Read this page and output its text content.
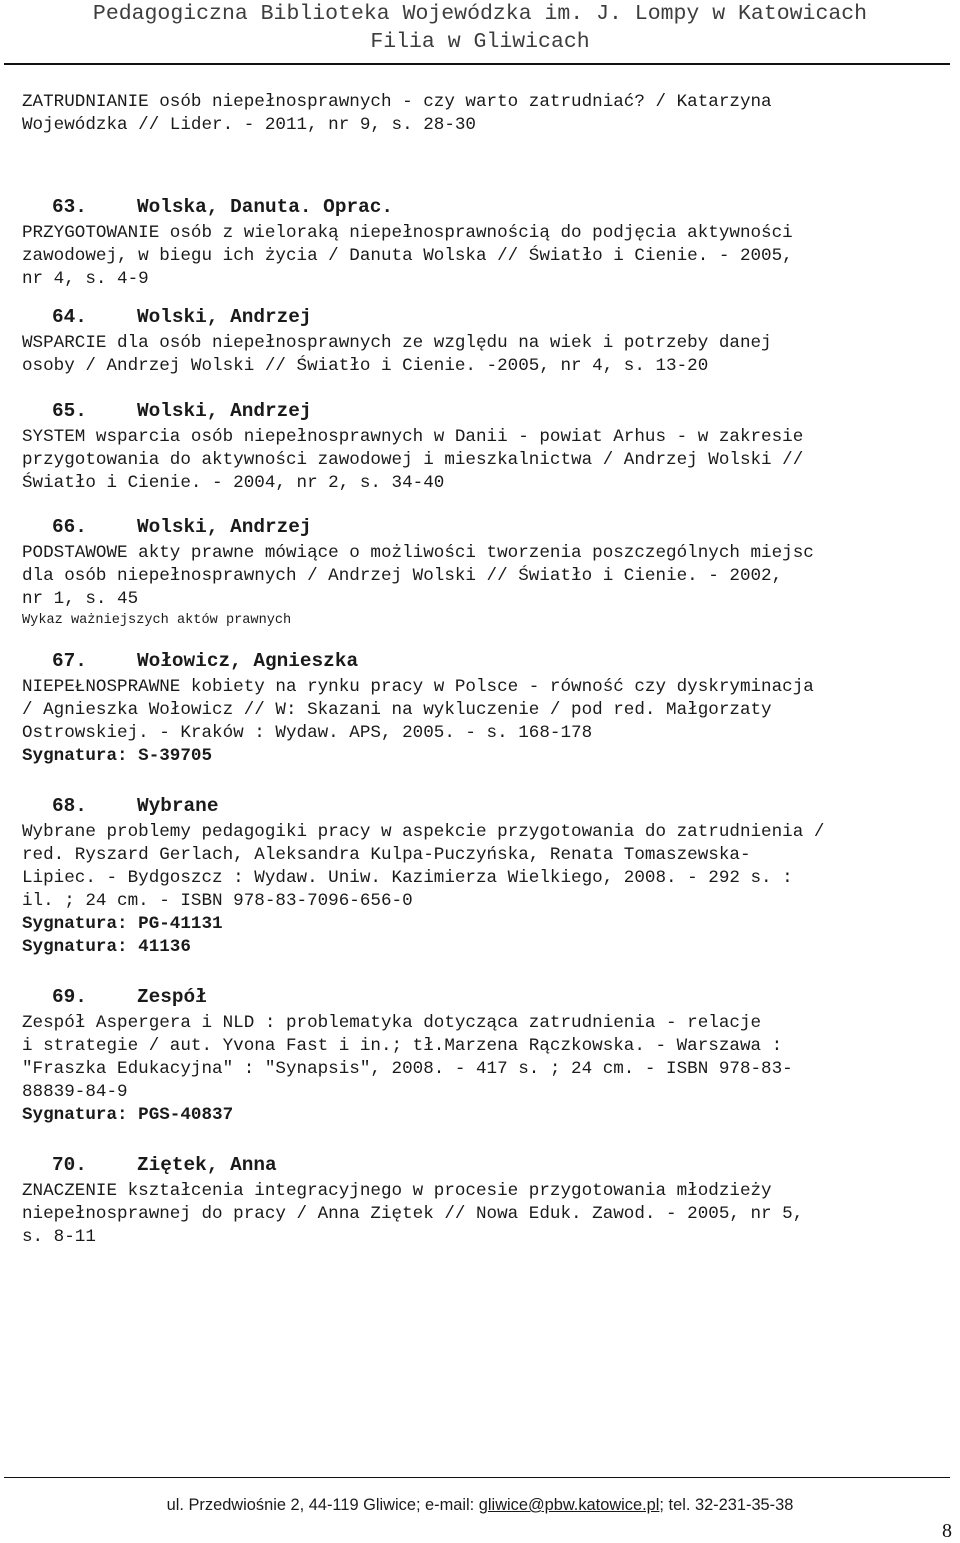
Pedagogiczna Biblioteka Wojewódzka im. J. Lompy w Katowicach
Filia w Gliwicach

ZATRUDNIANIE osób niepełnosprawnych - czy warto zatrudniać? / Katarzyna
Wojewódzka // Lider. - 2011, nr 9, s. 28-30

63.	Wolska, Danuta. Oprac.

PRZYGOTOWANIE osób z wieloraką niepełnosprawnością do podjęcia aktywności
zawodowej, w biegu ich życia / Danuta Wolska // Światło i Cienie. - 2005,
nr 4, s. 4-9

64.	Wolski, Andrzej

WSPARCIE dla osób niepełnosprawnych ze względu na wiek i potrzeby danej
osoby / Andrzej Wolski // Światło i Cienie. -2005, nr 4, s. 13-20

65.	Wolski, Andrzej

SYSTEM wsparcia osób niepełnosprawnych w Danii - powiat Arhus - w zakresie
przygotowania do aktywności zawodowej i mieszkalnictwa / Andrzej Wolski //
Światło i Cienie. - 2004, nr 2, s. 34-40

66.	Wolski, Andrzej

PODSTAWOWE akty prawne mówiące o możliwości tworzenia poszczególnych miejsc
dla osób niepełnosprawnych / Andrzej Wolski // Światło i Cienie. - 2002,
nr 1, s. 45

Wykaz ważniejszych aktów prawnych

67.	Wołowicz, Agnieszka

NIEPEŁNOSPRAWNE kobiety na rynku pracy w Polsce - równość czy dyskryminacja
/ Agnieszka Wołowicz // W: Skazani na wykluczenie / pod red. Małgorzaty
Ostrowskiej. - Kraków : Wydaw. APS, 2005. - s. 168-178

Sygnatura: S-39705

68.	Wybrane

Wybrane problemy pedagogiki pracy w aspekcie przygotowania do zatrudnienia /
red. Ryszard Gerlach, Aleksandra Kulpa-Puczyńska, Renata Tomaszewska-
Lipiec. - Bydgoszcz : Wydaw. Uniw. Kazimierza Wielkiego, 2008. - 292 s. :
il. ; 24 cm. - ISBN 978-83-7096-656-0

Sygnatura: PG-41131

Sygnatura: 41136

69.	Zespół

Zespół Aspergera i NLD : problematyka dotycząca zatrudnienia - relacje
i strategie / aut. Yvona Fast i in.; tł.Marzena Rączkowska. - Warszawa :
"Fraszka Edukacyjna" : "Synapsis", 2008. - 417 s. ; 24 cm. - ISBN 978-83-
88839-84-9

Sygnatura: PGS-40837

70.	Ziętek, Anna

ZNACZENIE kształcenia integracyjnego w procesie przygotowania młodzieży
niepełnosprawnej do pracy / Anna Ziętek // Nowa Eduk. Zawod. - 2005, nr 5,
s. 8-11

ul. Przedwiośnie 2, 44-119 Gliwice; e-mail: gliwice@pbw.katowice.pl; tel. 32-231-35-38
8
